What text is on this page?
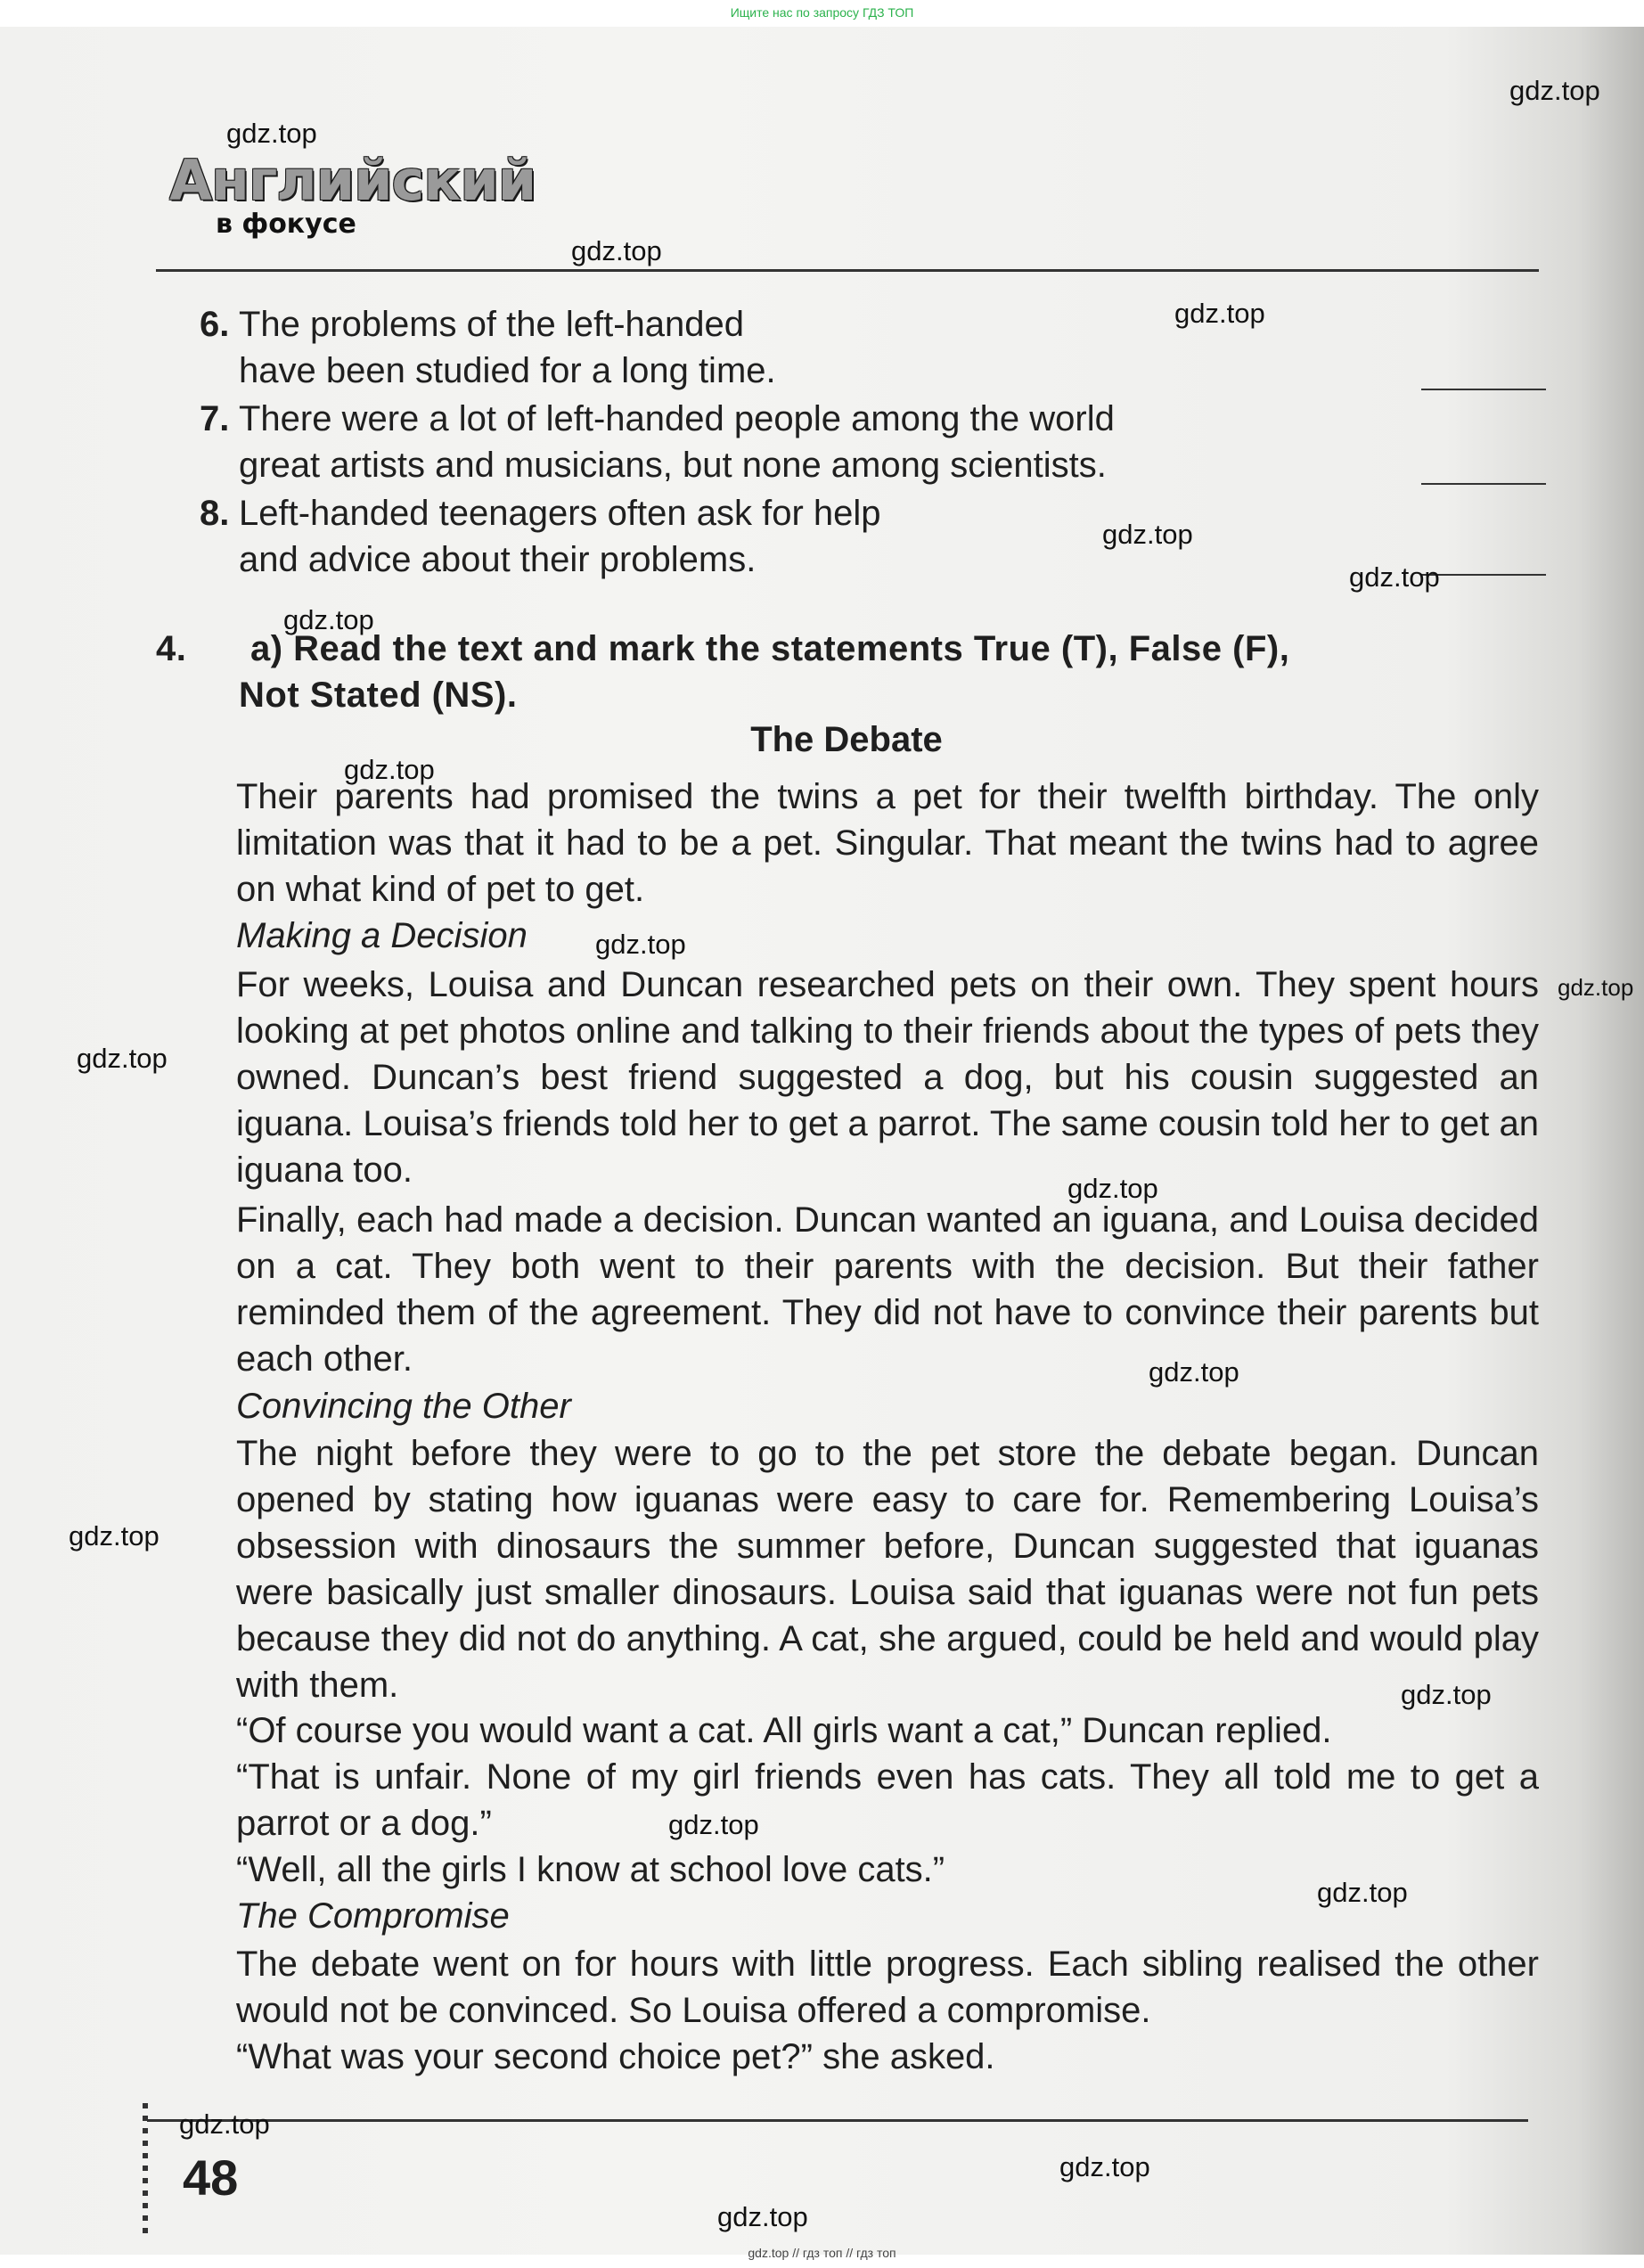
Ищите нас по запросу ГДЗ ТОП
Английский
в фокусе
6. The problems of the left-handed
have been studied for a long time.
7. There were a lot of left-handed people among the world
great artists and musicians, but none among scientists.
8. Left-handed teenagers often ask for help
and advice about their problems.
4. a) Read the text and mark the statements True (T), False (F),
Not Stated (NS).
The Debate
Their parents had promised the twins a pet for their twelfth birthday. The only limitation was that it had to be a pet. Singular. That meant the twins had to agree on what kind of pet to get.
Making a Decision
For weeks, Louisa and Duncan researched pets on their own. They spent hours looking at pet photos online and talking to their friends about the types of pets they owned. Duncan’s best friend suggested a dog, but his cousin suggested an iguana. Louisa’s friends told her to get a parrot. The same cousin told her to get an iguana too.
Finally, each had made a decision. Duncan wanted an iguana, and Louisa decided on a cat. They both went to their parents with the decision. But their father reminded them of the agreement. They did not have to convince their parents but each other.
Convincing the Other
The night before they were to go to the pet store the debate began. Duncan opened by stating how iguanas were easy to care for. Remembering Louisa’s obsession with dinosaurs the summer before, Duncan suggested that iguanas were basically just smaller dinosaurs. Louisa said that iguanas were not fun pets because they did not do anything. A cat, she argued, could be held and would play with them.
“Of course you would want a cat. All girls want a cat,” Duncan replied.
“That is unfair. None of my girl friends even has cats. They all told me to get a parrot or a dog.”
“Well, all the girls I know at school love cats.”
The Compromise
The debate went on for hours with little progress. Each sibling realised the other would not be convinced. So Louisa offered a compromise.
“What was your second choice pet?” she asked.
48
gdz.top
gdz.top
gdz.top
gdz.top
gdz.top
gdz.top
gdz.top
gdz.top
gdz.top
gdz.top
gdz.top
gdz.top
gdz.top
gdz.top
gdz.top
gdz.top
gdz.top
gdz.top
gdz.top
gdz.top
gdz.top // гдз топ // гдз топ
